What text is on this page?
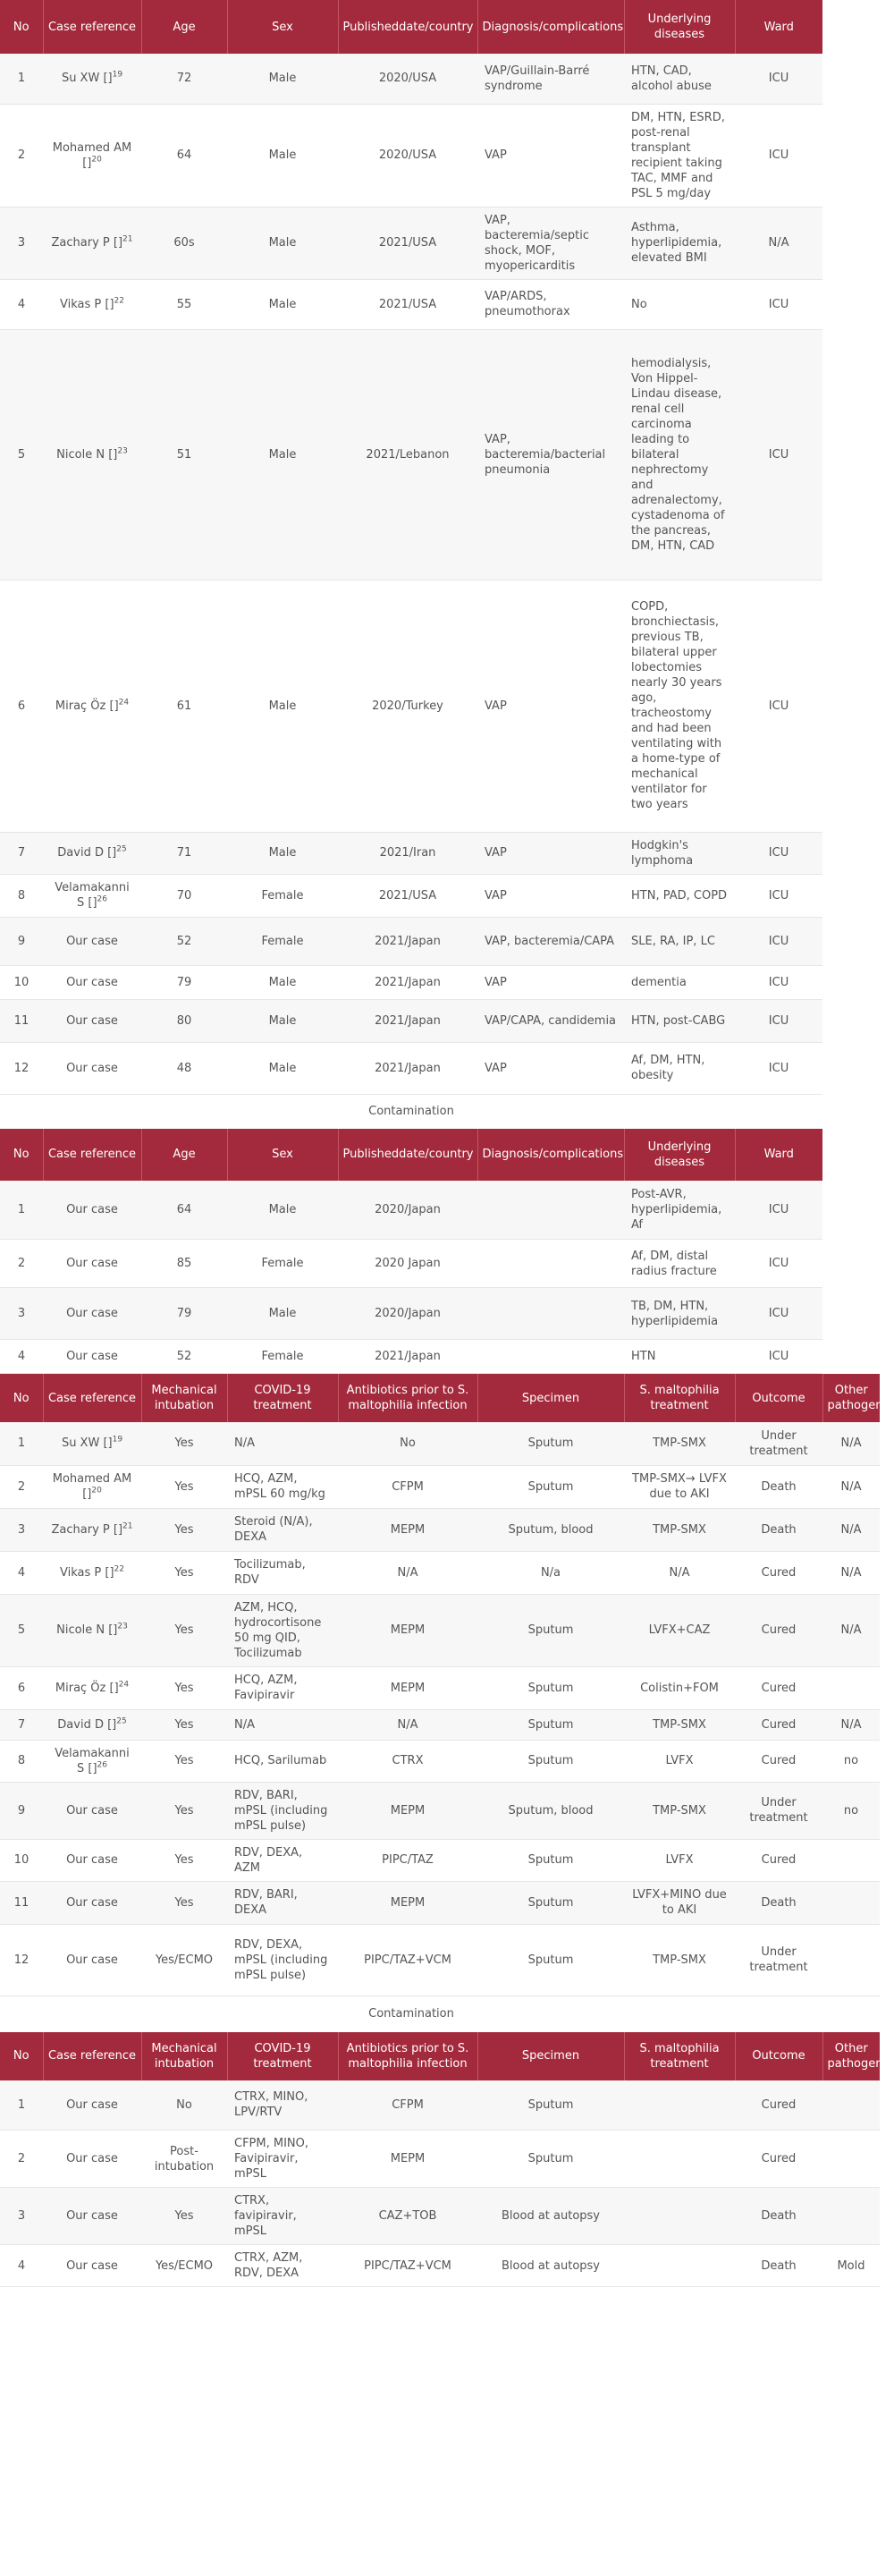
No	Case reference	Age	Sex	Publisheddate/country	Diagnosis/complications	Underlying diseases	Ward
1	Su XW []$^{19}$	72	Male	2020/USA	VAP/Guillain-Barré syndrome	HTN, CAD, alcohol abuse	ICU
2	Mohamed AM []$^{20}$	64	Male	2020/USA	VAP	DM, HTN, ESRD, post-renal transplant recipient taking TAC, MMF and PSL 5 mg/day	ICU
3	Zachary P []$^{21}$	60s	Male	2021/USA	VAP, bacteremia/septic shock, MOF, myopericarditis	Asthma, hyperlipidemia, elevated BMI	N/A
4	Vikas P []$^{22}$	55	Male	2021/USA	VAP/ARDS, pneumothorax	No	ICU
5	Nicole N []$^{23}$	51	Male	2021/Lebanon	VAP, bacteremia/bacterial pneumonia	hemodialysis, Von Hippel-Lindau disease, renal cell carcinoma leading to bilateral nephrectomy and adrenalectomy, cystadenoma of the pancreas, DM, HTN, CAD	ICU
6	Miraç Öz []$^{24}$	61	Male	2020/Turkey	VAP	COPD, bronchiectasis, previous TB, bilateral upper lobectomies nearly 30 years ago, tracheostomy and had been ventilating with a home-type of mechanical ventilator for two years	ICU
7	David D []$^{25}$	71	Male	2021/Iran	VAP	Hodgkin's lymphoma	ICU
8	Velamakanni S []$^{26}$	70	Female	2021/USA	VAP	HTN, PAD, COPD	ICU
9	Our case	52	Female	2021/Japan	VAP, bacteremia/CAPA	SLE, RA, IP, LC	ICU
10	Our case	79	Male	2021/Japan	VAP	dementia	ICU
11	Our case	80	Male	2021/Japan	VAP/CAPA, candidemia	HTN, post-CABG	ICU
12	Our case	48	Male	2021/Japan	VAP	Af, DM, HTN, obesity	ICU
Contamination
No	Case reference	Age	Sex	Publisheddate/country	Diagnosis/complications	Underlying diseases	Ward
1	Our case	64	Male	2020/Japan		Post-AVR, hyperlipidemia, Af	ICU
2	Our case	85	Female	2020 Japan		Af, DM, distal radius fracture	ICU
3	Our case	79	Male	2020/Japan		TB, DM, HTN, hyperlipidemia	ICU
4	Our case	52	Female	2021/Japan		HTN	ICU
No	Case reference	Mechanical intubation	COVID-19 treatment	Antibiotics prior to S. maltophilia infection	Specimen	S. maltophilia treatment	Outcome	Other pathogen
1	Su XW []$^{19}$	Yes	N/A	No	Sputum	TMP-SMX	Under treatment	N/A
2	Mohamed AM []$^{20}$	Yes	HCQ, AZM, mPSL 60 mg/kg	CFPM	Sputum	TMP-SMX→ LVFX due to AKI	Death	N/A
3	Zachary P []$^{21}$	Yes	Steroid (N/A), DEXA	MEPM	Sputum, blood	TMP-SMX	Death	N/A
4	Vikas P []$^{22}$	Yes	Tocilizumab, RDV	N/A	N/a	N/A	Cured	N/A
5	Nicole N []$^{23}$	Yes	AZM, HCQ, hydrocortisone 50 mg QID, Tocilizumab	MEPM	Sputum	LVFX+CAZ	Cured	N/A
6	Miraç Öz []$^{24}$	Yes	HCQ, AZM, Favipiravir	MEPM	Sputum	Colistin+FOM	Cured	
7	David D []$^{25}$	Yes	N/A	N/A	Sputum	TMP-SMX	Cured	N/A
8	Velamakanni S []$^{26}$	Yes	HCQ, Sarilumab	CTRX	Sputum	LVFX	Cured	no
9	Our case	Yes	RDV, BARI, mPSL (including mPSL pulse)	MEPM	Sputum, blood	TMP-SMX	Under treatment	no
10	Our case	Yes	RDV, DEXA, AZM	PIPC/TAZ	Sputum	LVFX	Cured	
11	Our case	Yes	RDV, BARI, DEXA	MEPM	Sputum	LVFX+MINO due to AKI	Death	
12	Our case	Yes/ECMO	RDV, DEXA, mPSL (including mPSL pulse)	PIPC/TAZ+VCM	Sputum	TMP-SMX	Under treatment	
Contamination
No	Case reference	Mechanical intubation	COVID-19 treatment	Antibiotics prior to S. maltophilia infection	Specimen	S. maltophilia treatment	Outcome	Other pathogen
1	Our case	No	CTRX, MINO, LPV/RTV	CFPM	Sputum		Cured	
2	Our case	Post-intubation	CFPM, MINO, Favipiravir, mPSL	MEPM	Sputum		Cured	
3	Our case	Yes	CTRX, favipiravir, mPSL	CAZ+TOB	Blood at autopsy		Death	
4	Our case	Yes/ECMO	CTRX, AZM, RDV, DEXA	PIPC/TAZ+VCM	Blood at autopsy		Death	Mold
